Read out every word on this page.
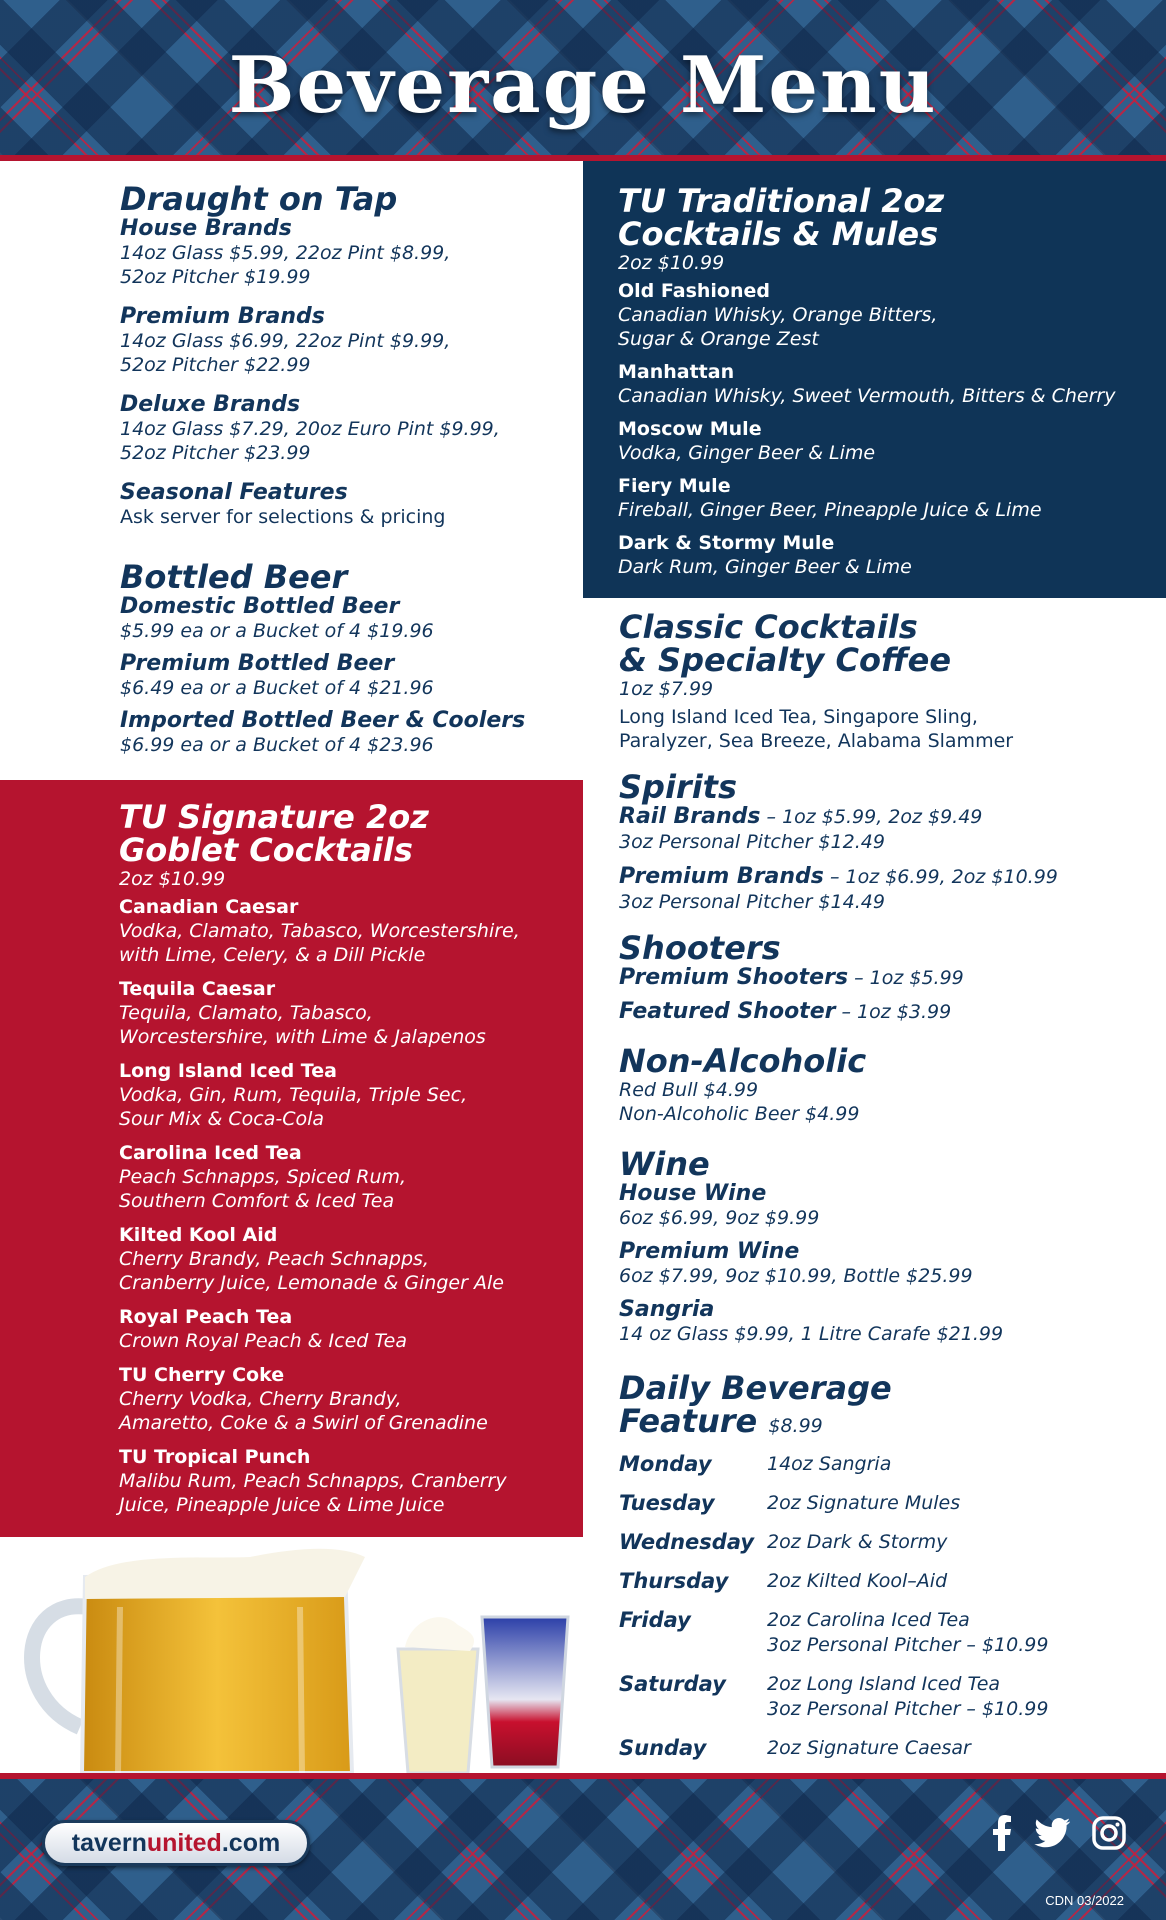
Beverage Menu
Draught on Tap
House Brands
14oz Glass $5.99, 22oz Pint $8.99,
52oz Pitcher $19.99
Premium Brands
14oz Glass $6.99, 22oz Pint $9.99,
52oz Pitcher $22.99
Deluxe Brands
14oz Glass $7.29, 20oz Euro Pint $9.99,
52oz Pitcher $23.99
Seasonal Features
Ask server for selections & pricing
Bottled Beer
Domestic Bottled Beer
$5.99 ea or a Bucket of 4 $19.96
Premium Bottled Beer
$6.49 ea or a Bucket of 4 $21.96
Imported Bottled Beer & Coolers
$6.99 ea or a Bucket of 4 $23.96
TU Signature 2oz
Goblet Cocktails
2oz $10.99
Canadian Caesar
Vodka, Clamato, Tabasco, Worcestershire,
with Lime, Celery, & a Dill Pickle
Tequila Caesar
Tequila, Clamato, Tabasco,
Worcestershire, with Lime & Jalapenos
Long Island Iced Tea
Vodka, Gin, Rum, Tequila, Triple Sec,
Sour Mix & Coca-Cola
Carolina Iced Tea
Peach Schnapps, Spiced Rum,
Southern Comfort & Iced Tea
Kilted Kool Aid
Cherry Brandy, Peach Schnapps,
Cranberry Juice, Lemonade & Ginger Ale
Royal Peach Tea
Crown Royal Peach & Iced Tea
TU Cherry Coke
Cherry Vodka, Cherry Brandy,
Amaretto, Coke & a Swirl of Grenadine
TU Tropical Punch
Malibu Rum, Peach Schnapps, Cranberry
Juice, Pineapple Juice & Lime Juice
TU Traditional 2oz
Cocktails & Mules
2oz $10.99
Old Fashioned
Canadian Whisky, Orange Bitters,
Sugar & Orange Zest
Manhattan
Canadian Whisky, Sweet Vermouth, Bitters & Cherry
Moscow Mule
Vodka, Ginger Beer & Lime
Fiery Mule
Fireball, Ginger Beer, Pineapple Juice & Lime
Dark & Stormy Mule
Dark Rum, Ginger Beer & Lime
Classic Cocktails
& Specialty Coffee
1oz $7.99
Long Island Iced Tea, Singapore Sling,
Paralyzer, Sea Breeze, Alabama Slammer
Spirits
Rail Brands – 1oz $5.99, 2oz $9.49
3oz Personal Pitcher $12.49
Premium Brands – 1oz $6.99, 2oz $10.99
3oz Personal Pitcher $14.49
Shooters
Premium Shooters – 1oz $5.99
Featured Shooter – 1oz $3.99
Non-Alcoholic
Red Bull $4.99
Non-Alcoholic Beer $4.99
Wine
House Wine
6oz $6.99, 9oz $9.99
Premium Wine
6oz $7.99, 9oz $10.99, Bottle $25.99
Sangria
14 oz Glass $9.99, 1 Litre Carafe $21.99
Daily Beverage
Feature $8.99
Monday	14oz Sangria
Tuesday	2oz Signature Mules
Wednesday 2oz Dark & Stormy
Thursday	2oz Kilted Kool–Aid
Friday	2oz Carolina Iced Tea
3oz Personal Pitcher – $10.99
Saturday	2oz Long Island Iced Tea
3oz Personal Pitcher – $10.99
Sunday	2oz Signature Caesar
tavernunited.com
CDN 03/2022
